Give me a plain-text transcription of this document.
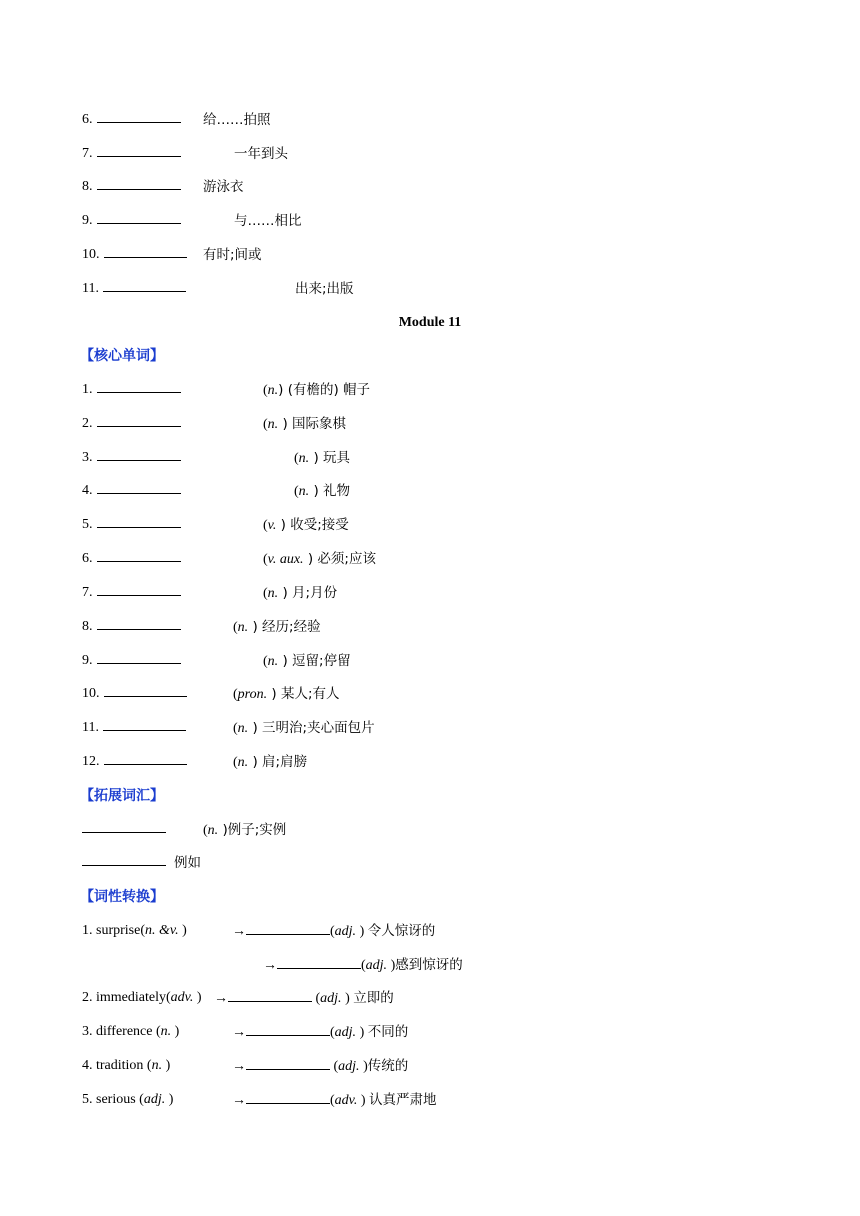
6.	给……拍照
7.	一年到头
8.	游泳衣
9.	与……相比
10.	有时;间或
11.	出来;出版
Module 11
【核心单词】
1.	(n.) (有檐的) 帽子
2.	(n. ) 国际象棋
3.	(n. ) 玩具
4.	(n. ) 礼物
5.	(v. ) 收受;接受
6.	(v. aux. ) 必须;应该
7.	(n. ) 月;月份
8.	(n. ) 经历;经验
9.	(n. ) 逗留;停留
10.	(pron. ) 某人;有人
11.	(n. ) 三明治;夹心面包片
12.	(n. ) 肩;肩膀
【拓展词汇】
(n. )例子;实例
例如
【词性转换】
1. surprise(n. &v. )	→	(adj. ) 令人惊讶的
→	(adj. )感到惊讶的
2. immediately(adv. ) →	(adj. ) 立即的
3. difference (n. )	→	(adj. ) 不同的
4. tradition (n. )	→	(adj. )传统的
5. serious (adj. )	→	(adv. ) 认真严肃地
